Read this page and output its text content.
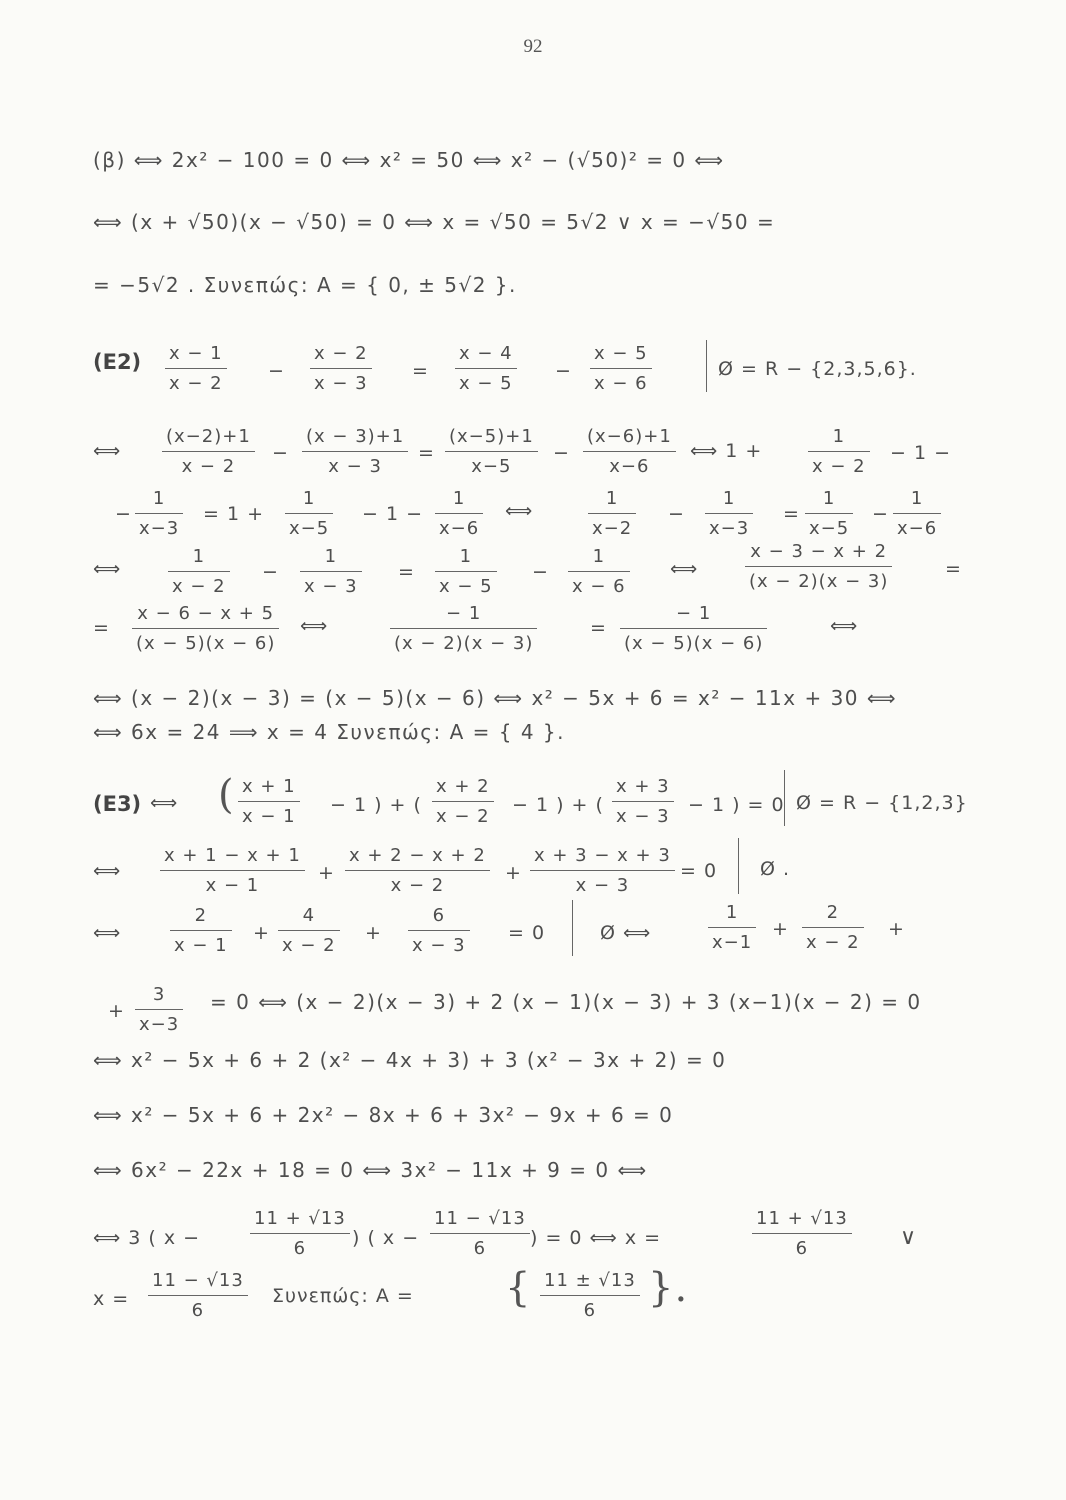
92
(β) ⟺ 2x² − 100 = 0 ⟺ x² = 50 ⟺ x² − (√50)² = 0 ⟺
⟺ (x + √50)(x − √50) = 0 ⟺ x = √50 = 5√2 ∨ x = −√50 =
= −5√2 . Συνεπώς: A = { 0, ± 5√2 }.
$(E2) \frac{x - 1}{x - 2} - \frac{x - 2}{x - 3} = \frac{x - 4}{x - 5} - \frac{x - 5}{x - 6}$	Ø = R − {2,3,5,6}.
⟺ $\frac{(x-2)+1}{x - 2} - \frac{(x - 3)+1}{x - 3} = \frac{(x-5)+1}{x-5} - \frac{(x-6)+1}{x-6}$ ⟺ 1 +	$\frac{1}{x - 2} - 1$ −
− $\frac{1}{x-3} = 1 + \frac{1}{x-5} - 1 - \frac{1}{x-6}$ ⟺	$\frac{1}{x-2} - \frac{1}{x-3} = \frac{1}{x-5} - \frac{1}{x-6}$
⟺	$\frac{1}{x - 2} - \frac{1}{x - 3} = \frac{1}{x - 5} - \frac{1}{x - 6}$ ⟺	$\frac{x - 3 - x + 2}{(x - 2)(x - 3)}$	=
= $\frac{x - 6 - x + 5}{(x - 5)(x - 6)}$ ⟺	$\frac{- 1}{(x - 2)(x - 3)}$	= $\frac{- 1}{(x - 5)(x - 6)}$	⟺
⟺ (x − 2)(x − 3) = (x − 5)(x − 6) ⟺ x² − 5x + 6 = x² − 11x + 30 ⟺
⟺ 6x = 24 ⟹ x = 4 Συνεπώς: A = { 4 }.
(E3) ⟺ ( $\frac{x + 1}{x - 1} - 1$ ) + ( $\frac{x + 2}{x - 2} - 1$ ) + ( $\frac{x + 3}{x - 3} - 1$ ) = 0 Ø = R − {1,2,3}
⟺ $\frac{x + 1 - x + 1}{x - 1} + \frac{x + 2 - x + 2}{x - 2} + \frac{x + 3 - x + 3}{x - 3} = 0$ Ø .
⟺	$\frac{2}{x - 1} + \frac{4}{x - 2} + \frac{6}{x - 3} = 0$	Ø ⟺	$\frac{1}{x-1} + \frac{2}{x - 2}$ +
+ $\frac{3}{x-3} = 0$ ⟺ (x − 2)(x − 3) + 2 (x − 1)(x − 3) + 3 (x−1)(x − 2) = 0
⟺ x² − 5x + 6 + 2 (x² − 4x + 3) + 3 (x² − 3x + 2) = 0
⟺ x² − 5x + 6 + 2x² − 8x + 6 + 3x² − 9x + 6 = 0
⟺ 6x² − 22x + 18 = 0 ⟺ 3x² − 11x + 9 = 0 ⟺
⟺ 3 ( x −	$\frac{11 + √13}{6}$ ) ( $x - \frac{11 - √13}{6}$ ) = 0 ⟺ x =	$\frac{11 + √13}{6}$ ∨
$x = \frac{11 - √13}{6} \Sigma\upsilon\nu\varepsilon\pi ώ\varsigma$: A = { $\frac{11 \pm √13}{6}$ }.
